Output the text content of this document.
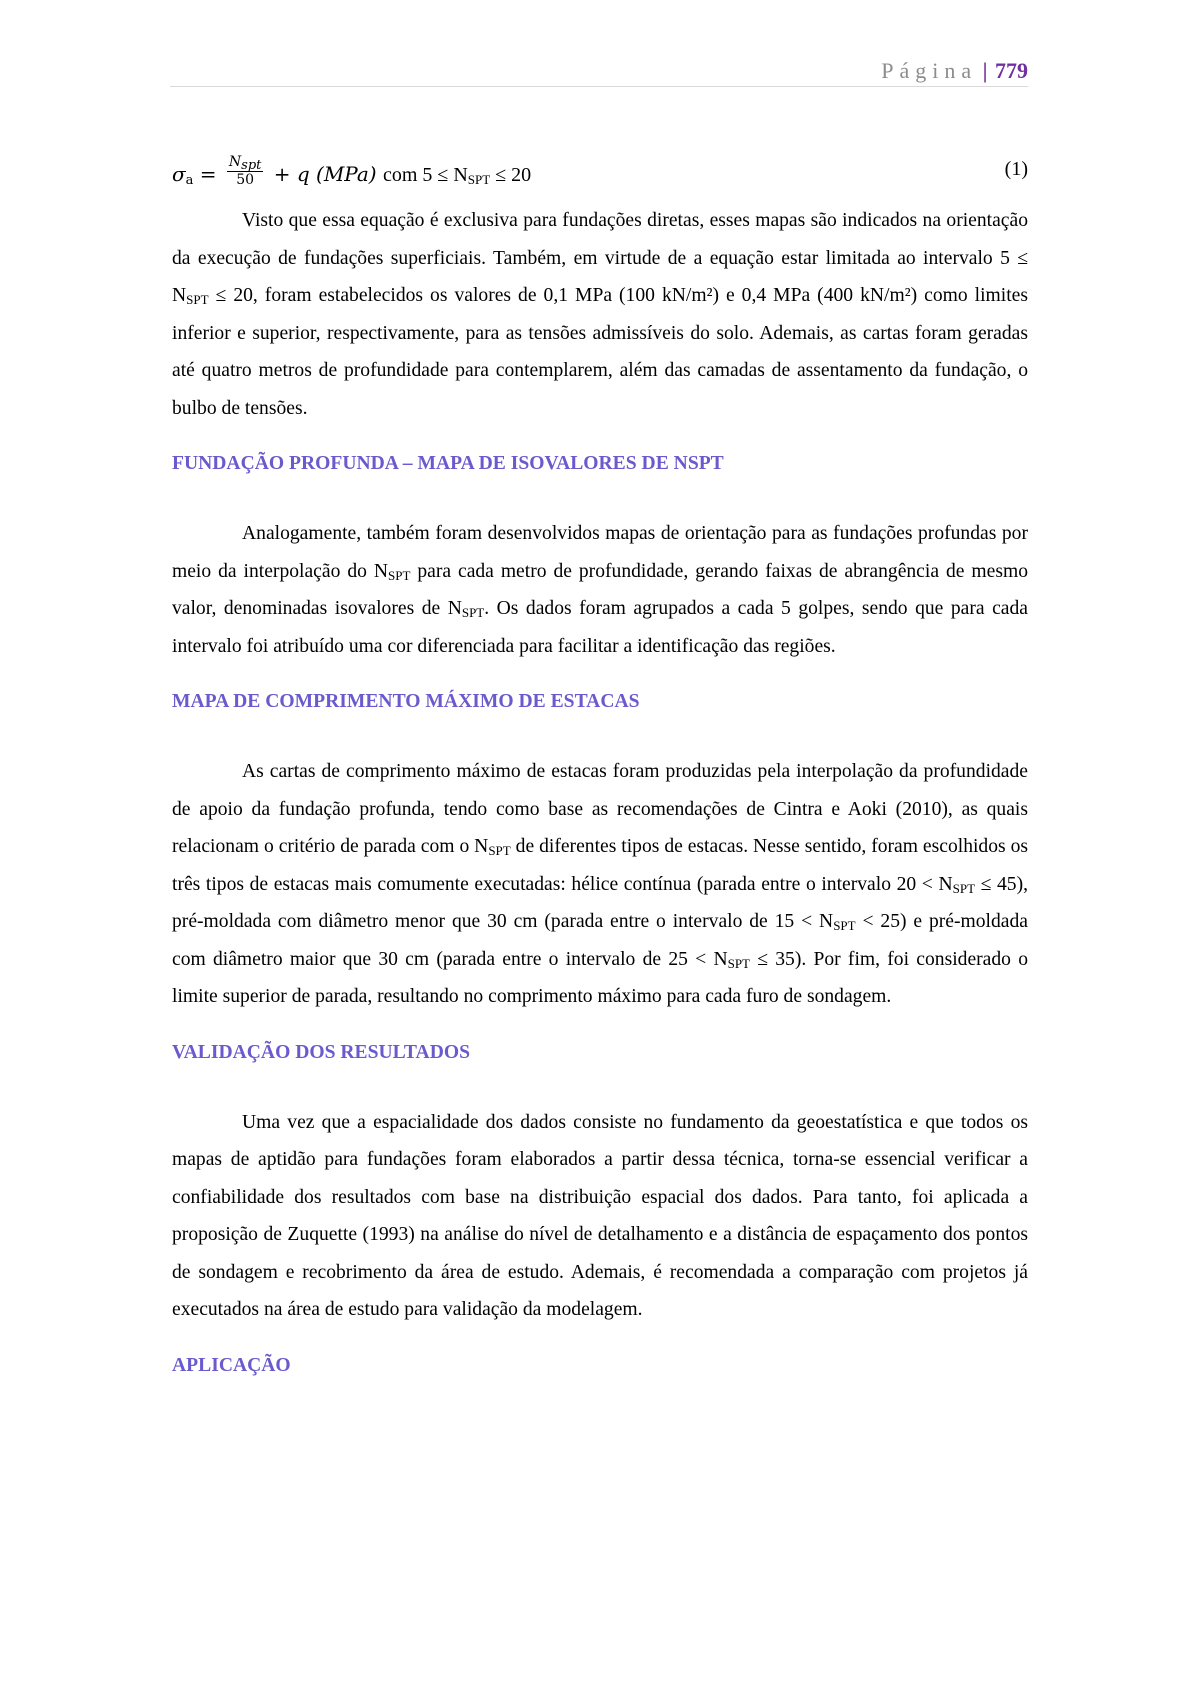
Página | 779
$\sigma_a = \frac{N_{spt}}{50} + q$ (MPa) com $5 \le N_{SPT} \le 20$	(1)

Visto que essa equação é exclusiva para fundações diretas, esses mapas são indicados na orientação da execução de fundações superficiais. Também, em virtude de a equação estar limitada ao intervalo $5 \le N_{SPT} \le 20$, foram estabelecidos os valores de 0,1 MPa (100 kN/m²) e 0,4 MPa (400 kN/m²) como limites inferior e superior, respectivamente, para as tensões admissíveis do solo. Ademais, as cartas foram geradas até quatro metros de profundidade para contemplarem, além das camadas de assentamento da fundação, o bulbo de tensões.

FUNDAÇÃO PROFUNDA – MAPA DE ISOVALORES DE NSPT

Analogamente, também foram desenvolvidos mapas de orientação para as fundações profundas por meio da interpolação do $N_{SPT}$ para cada metro de profundidade, gerando faixas de abrangência de mesmo valor, denominadas isovalores de $N_{SPT}$. Os dados foram agrupados a cada 5 golpes, sendo que para cada intervalo foi atribuído uma cor diferenciada para facilitar a identificação das regiões.

MAPA DE COMPRIMENTO MÁXIMO DE ESTACAS

As cartas de comprimento máximo de estacas foram produzidas pela interpolação da profundidade de apoio da fundação profunda, tendo como base as recomendações de Cintra e Aoki (2010), as quais relacionam o critério de parada com o $N_{SPT}$ de diferentes tipos de estacas. Nesse sentido, foram escolhidos os três tipos de estacas mais comumente executadas: hélice contínua (parada entre o intervalo $20 < N_{SPT} \le 45$), pré-moldada com diâmetro menor que 30 cm (parada entre o intervalo de $15 < N_{SPT} < 25$) e pré-moldada com diâmetro maior que 30 cm (parada entre o intervalo de $25 < N_{SPT} \le 35$). Por fim, foi considerado o limite superior de parada, resultando no comprimento máximo para cada furo de sondagem.

VALIDAÇÃO DOS RESULTADOS

Uma vez que a espacialidade dos dados consiste no fundamento da geoestatística e que todos os mapas de aptidão para fundações foram elaborados a partir dessa técnica, torna-se essencial verificar a confiabilidade dos resultados com base na distribuição espacial dos dados. Para tanto, foi aplicada a proposição de Zuquette (1993) na análise do nível de detalhamento e a distância de espaçamento dos pontos de sondagem e recobrimento da área de estudo. Ademais, é recomendada a comparação com projetos já executados na área de estudo para validação da modelagem.

APLICAÇÃO
